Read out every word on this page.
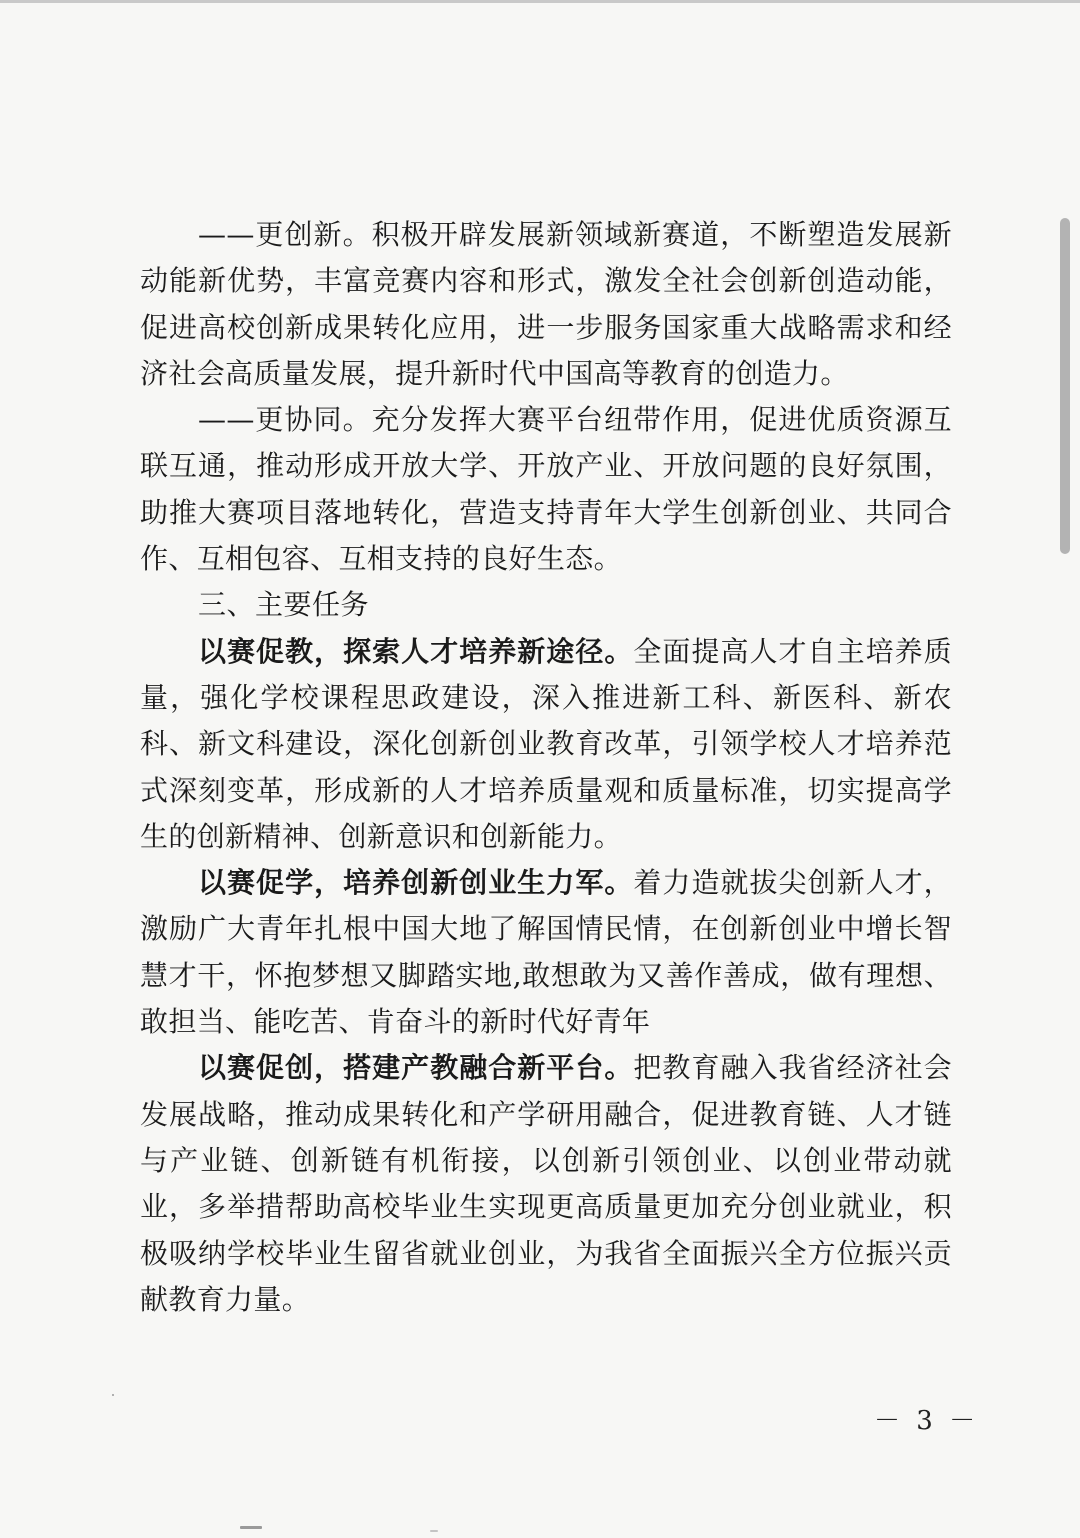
——更创新。积极开辟发展新领域新赛道，不断塑造发展新动能新优势，丰富竞赛内容和形式，激发全社会创新创造动能，促进高校创新成果转化应用，进一步服务国家重大战略需求和经济社会高质量发展，提升新时代中国高等教育的创造力。

——更协同。充分发挥大赛平台纽带作用，促进优质资源互联互通，推动形成开放大学、开放产业、开放问题的良好氛围，助推大赛项目落地转化，营造支持青年大学生创新创业、共同合作、互相包容、互相支持的良好生态。

三、主要任务

以赛促教，探索人才培养新途径。全面提高人才自主培养质量，强化学校课程思政建设，深入推进新工科、新医科、新农科、新文科建设，深化创新创业教育改革，引领学校人才培养范式深刻变革，形成新的人才培养质量观和质量标准，切实提高学生的创新精神、创新意识和创新能力。

以赛促学，培养创新创业生力军。着力造就拔尖创新人才，激励广大青年扎根中国大地了解国情民情，在创新创业中增长智慧才干，怀抱梦想又脚踏实地,敢想敢为又善作善成，做有理想、敢担当、能吃苦、肯奋斗的新时代好青年

以赛促创，搭建产教融合新平台。把教育融入我省经济社会发展战略，推动成果转化和产学研用融合，促进教育链、人才链与产业链、创新链有机衔接，以创新引领创业、以创业带动就业，多举措帮助高校毕业生实现更高质量更加充分创业就业，积极吸纳学校毕业生留省就业创业，为我省全面振兴全方位振兴贡献教育力量。

－ 3 －
